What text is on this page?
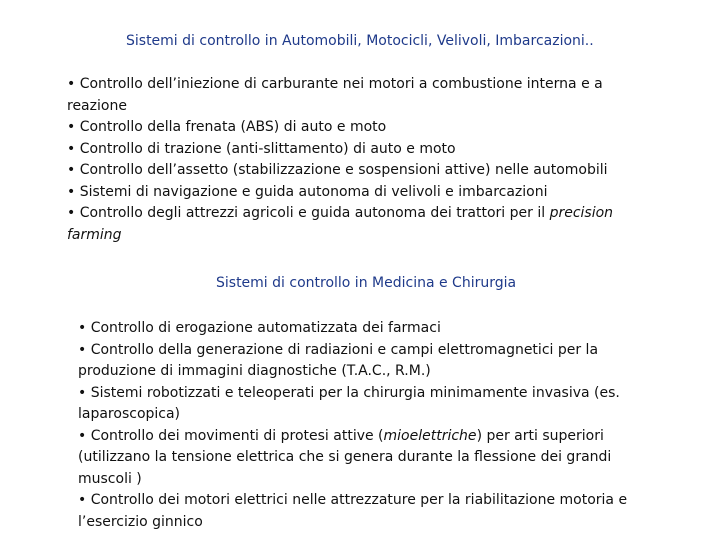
Sistemi di controllo in Automobili, Motocicli, Velivoli, Imbarcazioni..
• Controllo dell’iniezione di carburante nei motori a combustione interna e a reazione
• Controllo della frenata (ABS) di auto e moto
• Controllo di trazione (anti-slittamento) di auto e moto
• Controllo dell’assetto (stabilizzazione e sospensioni attive) nelle automobili
• Sistemi di navigazione e guida autonoma di velivoli e imbarcazioni
• Controllo degli attrezzi agricoli e guida autonoma dei trattori per il precision farming
Sistemi di controllo in Medicina e Chirurgia
• Controllo di erogazione automatizzata dei farmaci
• Controllo della generazione di radiazioni e campi elettromagnetici per la produzione di immagini diagnostiche (T.A.C., R.M.)
• Sistemi robotizzati e teleoperati per la chirurgia minimamente invasiva (es. laparoscopica)
• Controllo dei movimenti di protesi attive (mioelettriche) per arti superiori (utilizzano la tensione elettrica che si genera durante la flessione dei grandi muscoli )
• Controllo dei motori elettrici nelle attrezzature per la riabilitazione motoria e l’esercizio ginnico
